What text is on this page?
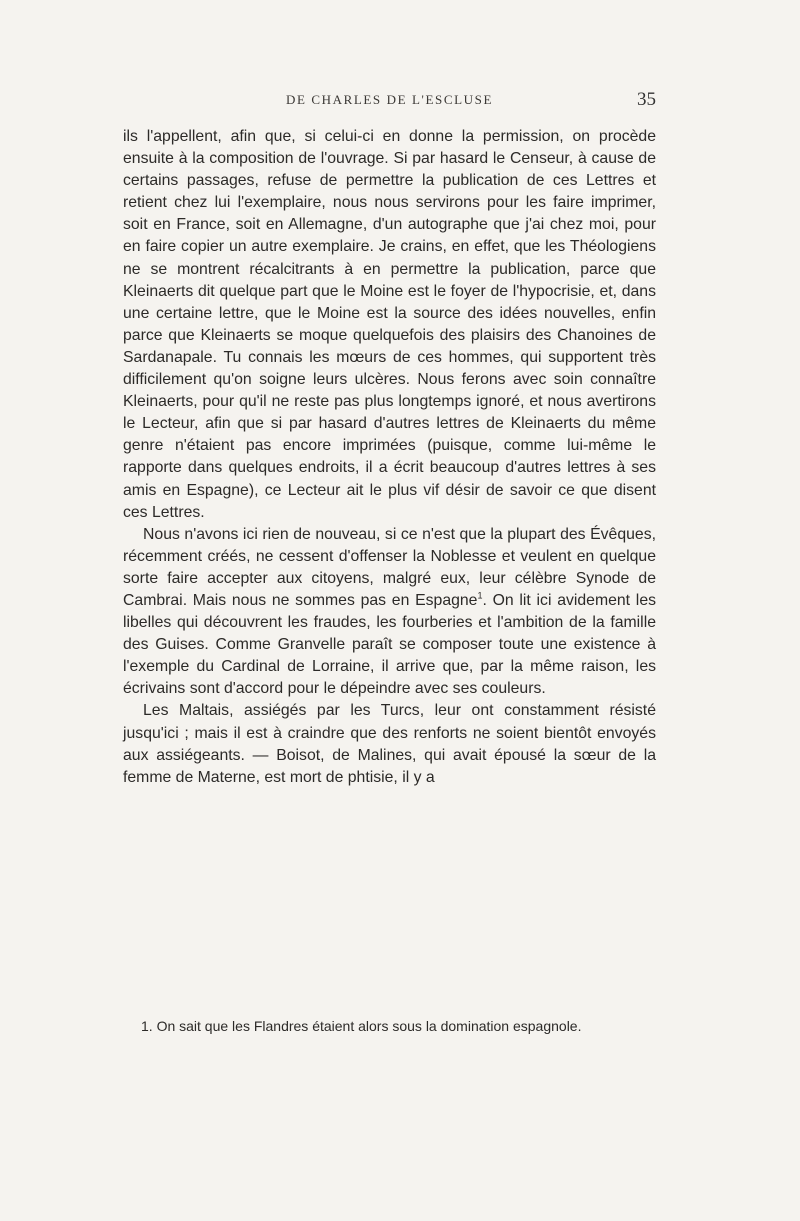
DE CHARLES DE L'ESCLUSE	35

ils l'appellent, afin que, si celui-ci en donne la permission, on procède ensuite à la composition de l'ouvrage. Si par hasard le Censeur, à cause de certains passages, refuse de permettre la publication de ces Lettres et retient chez lui l'exemplaire, nous nous servirons pour les faire imprimer, soit en France, soit en Allemagne, d'un autographe que j'ai chez moi, pour en faire copier un autre exemplaire. Je crains, en effet, que les Théologiens ne se montrent récalcitrants à en permettre la publication, parce que Kleinaerts dit quelque part que le Moine est le foyer de l'hypocrisie, et, dans une certaine lettre, que le Moine est la source des idées nouvelles, enfin parce que Kleinaerts se moque quelquefois des plaisirs des Chanoines de Sardanapale. Tu connais les mœurs de ces hommes, qui supportent très difficilement qu'on soigne leurs ulcères. Nous ferons avec soin connaître Kleinaerts, pour qu'il ne reste pas plus longtemps ignoré, et nous avertirons le Lecteur, afin que si par hasard d'autres lettres de Kleinaerts du même genre n'étaient pas encore imprimées (puisque, comme lui-même le rapporte dans quelques endroits, il a écrit beaucoup d'autres lettres à ses amis en Espagne), ce Lecteur ait le plus vif désir de savoir ce que disent ces Lettres.

Nous n'avons ici rien de nouveau, si ce n'est que la plupart des Évêques, récemment créés, ne cessent d'offenser la Noblesse et veulent en quelque sorte faire accepter aux citoyens, malgré eux, leur célèbre Synode de Cambrai. Mais nous ne sommes pas en Espagne$^1$. On lit ici avidement les libelles qui découvrent les fraudes, les fourberies et l'ambition de la famille des Guises. Comme Granvelle paraît se composer toute une existence à l'exemple du Cardinal de Lorraine, il arrive que, par la même raison, les écrivains sont d'accord pour le dépeindre avec ses couleurs.

Les Maltais, assiégés par les Turcs, leur ont constamment résisté jusqu'ici ; mais il est à craindre que des renforts ne soient bientôt envoyés aux assiégeants. — Boisot, de Malines, qui avait épousé la sœur de la femme de Materne, est mort de phtisie, il y a

1. On sait que les Flandres étaient alors sous la domination espagnole.
